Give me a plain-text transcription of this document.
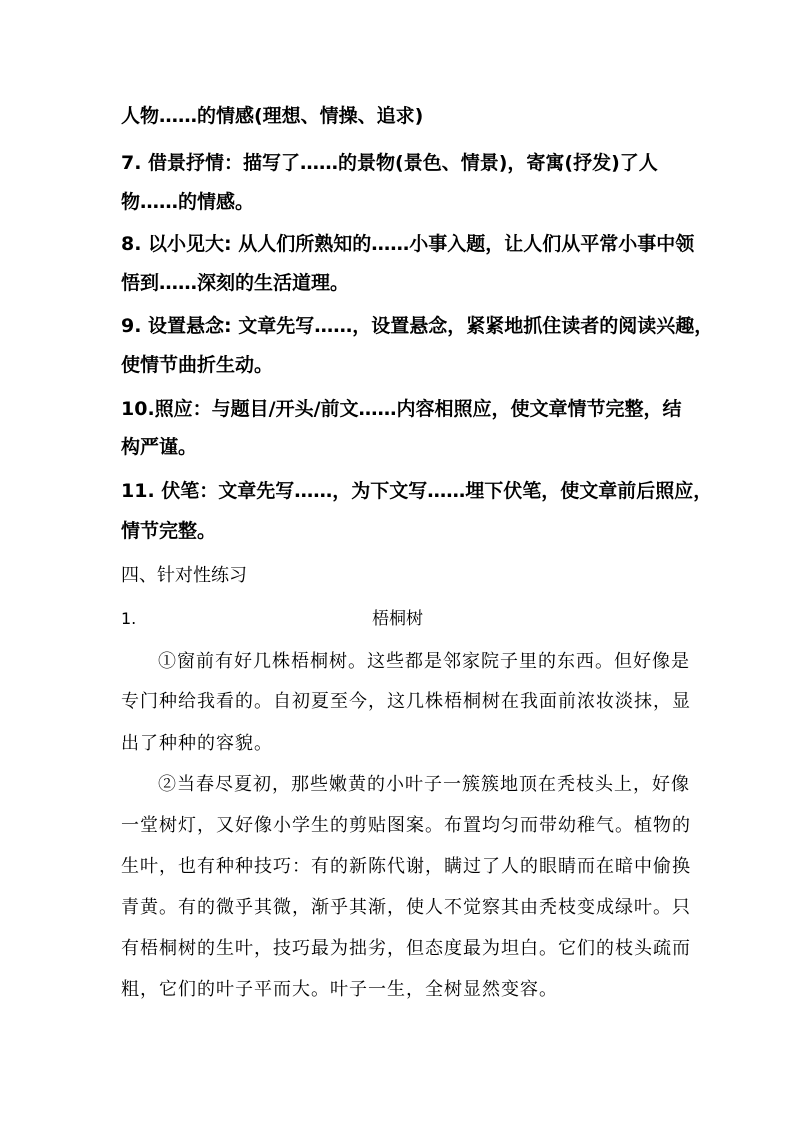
人物……的情感(理想、情操、追求)
7. 借景抒情：描写了……的景物(景色、情景)，寄寓(抒发)了人
物……的情感。
8. 以小见大: 从人们所熟知的……小事入题，让人们从平常小事中领
悟到……深刻的生活道理。
9. 设置悬念: 文章先写……，设置悬念，紧紧地抓住读者的阅读兴趣，
使情节曲折生动。
10.照应：与题目/开头/前文……内容相照应，使文章情节完整，结
构严谨。
11. 伏笔：文章先写……，为下文写……埋下伏笔，使文章前后照应，
情节完整。
四、针对性练习
1.	梧桐树
①窗前有好几株梧桐树。这些都是邻家院子里的东西。但好像是
专门种给我看的。自初夏至今，这几株梧桐树在我面前浓妆淡抹，显
出了种种的容貌。
②当春尽夏初，那些嫩黄的小叶子一簇簇地顶在秃枝头上，好像
一堂树灯，又好像小学生的剪贴图案。布置均匀而带幼稚气。植物的
生叶，也有种种技巧：有的新陈代谢，瞒过了人的眼睛而在暗中偷换
青黄。有的微乎其微，渐乎其渐，使人不觉察其由秃枝变成绿叶。只
有梧桐树的生叶，技巧最为拙劣，但态度最为坦白。它们的枝头疏而
粗，它们的叶子平而大。叶子一生，全树显然变容。
